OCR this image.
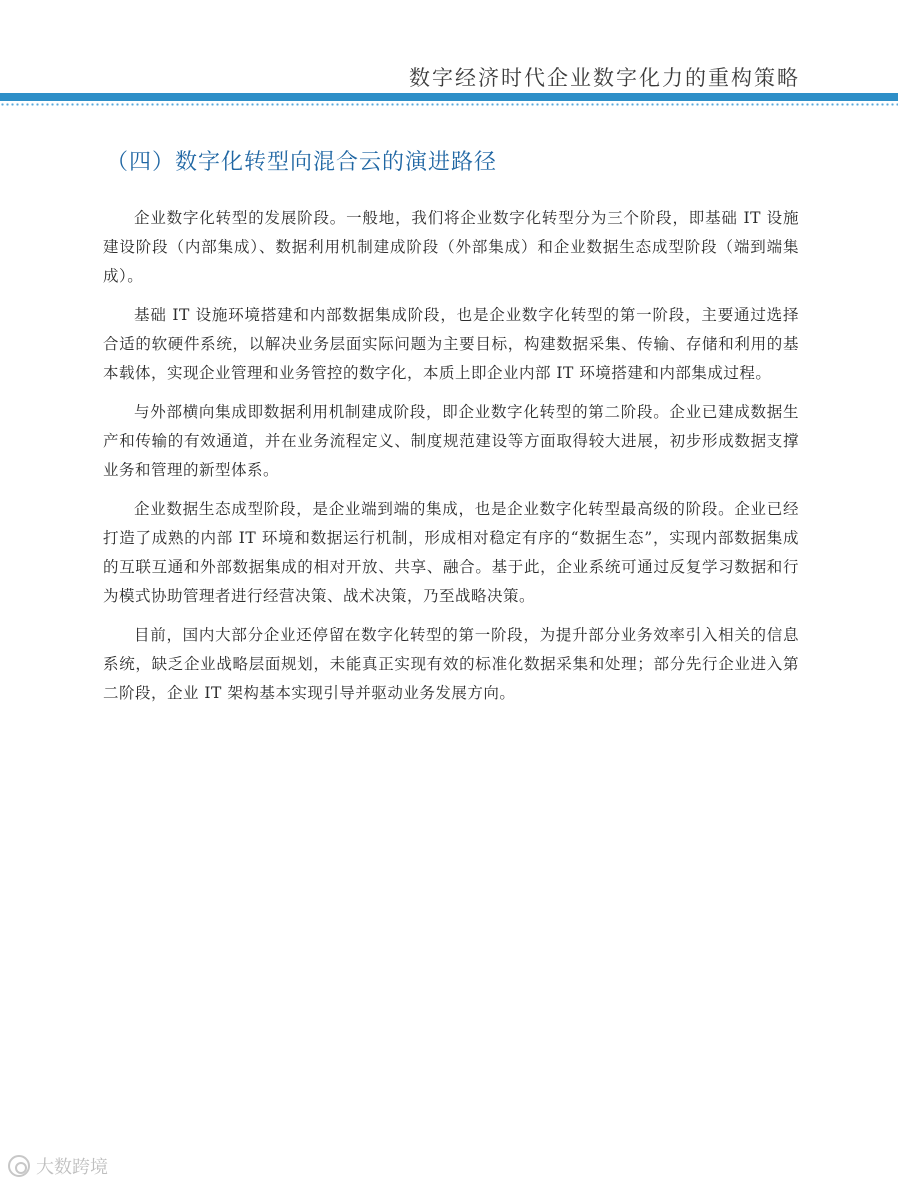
数字经济时代企业数字化力的重构策略
（四）数字化转型向混合云的演进路径

企业数字化转型的发展阶段。一般地，我们将企业数字化转型分为三个阶段，即基础 IT 设施建设阶段（内部集成）、数据利用机制建成阶段（外部集成）和企业数据生态成型阶段（端到端集成）。

基础 IT 设施环境搭建和内部数据集成阶段，也是企业数字化转型的第一阶段，主要通过选择合适的软硬件系统，以解决业务层面实际问题为主要目标，构建数据采集、传输、存储和利用的基本载体，实现企业管理和业务管控的数字化，本质上即企业内部 IT 环境搭建和内部集成过程。

与外部横向集成即数据利用机制建成阶段，即企业数字化转型的第二阶段。企业已建成数据生产和传输的有效通道，并在业务流程定义、制度规范建设等方面取得较大进展，初步形成数据支撑业务和管理的新型体系。

企业数据生态成型阶段，是企业端到端的集成，也是企业数字化转型最高级的阶段。企业已经打造了成熟的内部 IT 环境和数据运行机制，形成相对稳定有序的“数据生态”，实现内部数据集成的互联互通和外部数据集成的相对开放、共享、融合。基于此，企业系统可通过反复学习数据和行为模式协助管理者进行经营决策、战术决策，乃至战略决策。

目前，国内大部分企业还停留在数字化转型的第一阶段，为提升部分业务效率引入相关的信息系统，缺乏企业战略层面规划，未能真正实现有效的标准化数据采集和处理；部分先行企业进入第二阶段，企业 IT 架构基本实现引导并驱动业务发展方向。

大数跨境
